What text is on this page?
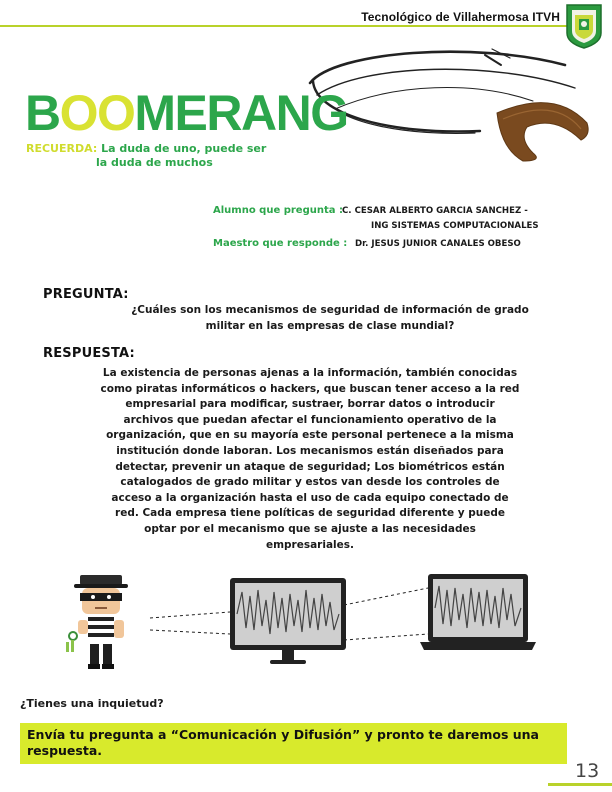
Tecnológico de Villahermosa ITVH
BOOMERANG
RECUERDA: La duda de uno, puede ser
la duda de muchos
Alumno que pregunta : C. CESAR ALBERTO GARCIA SANCHEZ -
ING SISTEMAS COMPUTACIONALES
Maestro que responde : Dr. JESUS JUNIOR CANALES OBESO
PREGUNTA:
¿Cuáles son los mecanismos de seguridad de información de grado militar en las empresas de clase mundial?
RESPUESTA:
La existencia de personas ajenas a la información, también conocidas como piratas informáticos o hackers, que buscan tener acceso a la red empresarial para modificar, sustraer, borrar datos o introducir archivos que puedan afectar el funcionamiento operativo de la organización, que en su mayoría este personal pertenece a la misma institución donde laboran. Los mecanismos están diseñados para detectar, prevenir un ataque de seguridad; Los biométricos están catalogados de grado militar y estos van desde los controles de acceso a la organización hasta el uso de cada equipo conectado de red. Cada empresa tiene políticas de seguridad diferente y puede optar por el mecanismo que se ajuste a las necesidades empresariales.
¿Tienes una inquietud?
Envía tu pregunta a “Comunicación y Difusión” y pronto te daremos una respuesta.
13
